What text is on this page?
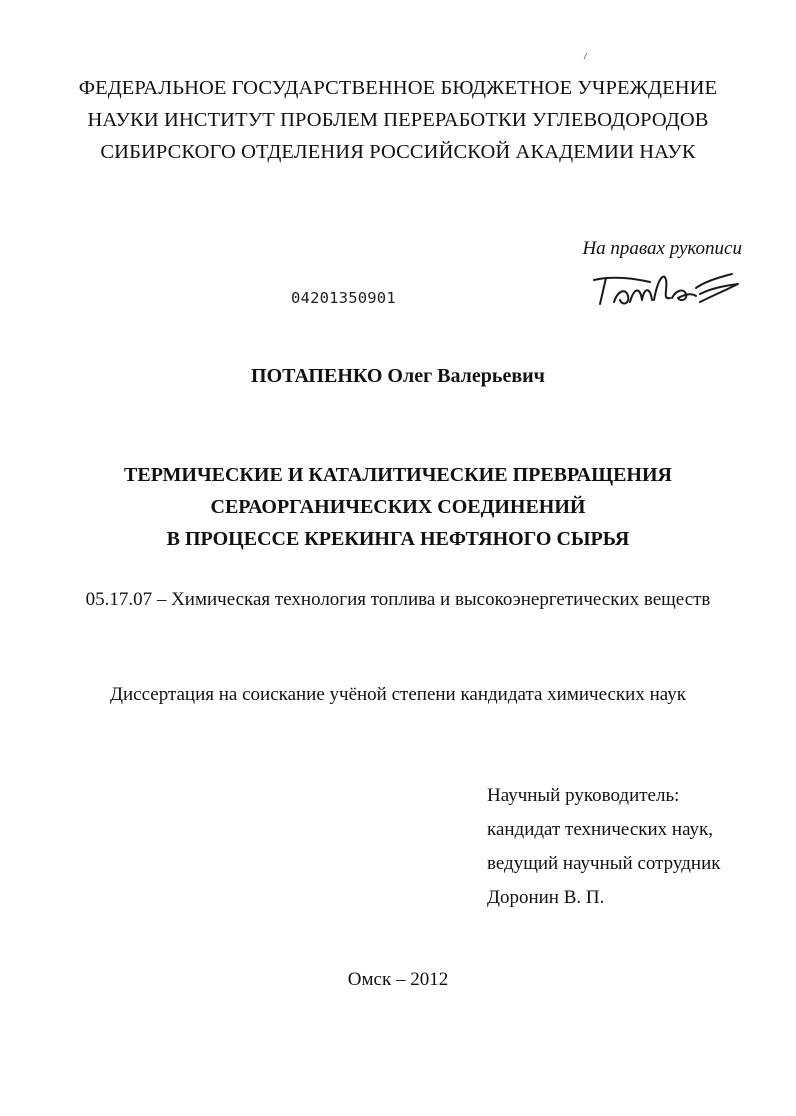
ФЕДЕРАЛЬНОЕ ГОСУДАРСТВЕННОЕ БЮДЖЕТНОЕ УЧРЕЖДЕНИЕ
НАУКИ ИНСТИТУТ ПРОБЛЕМ ПЕРЕРАБОТКИ УГЛЕВОДОРОДОВ
СИБИРСКОГО ОТДЕЛЕНИЯ РОССИЙСКОЙ АКАДЕМИИ НАУК
На правах рукописи
04201350901
ПОТАПЕНКО Олег Валерьевич
ТЕРМИЧЕСКИЕ И КАТАЛИТИЧЕСКИЕ ПРЕВРАЩЕНИЯ
СЕРАОРГАНИЧЕСКИХ СОЕДИНЕНИЙ
В ПРОЦЕССЕ КРЕКИНГА НЕФТЯНОГО СЫРЬЯ
05.17.07 – Химическая технология топлива и высокоэнергетических веществ
Диссертация на соискание учёной степени кандидата химических наук
Научный руководитель:
кандидат технических наук,
ведущий научный сотрудник
Доронин В. П.
Омск – 2012
